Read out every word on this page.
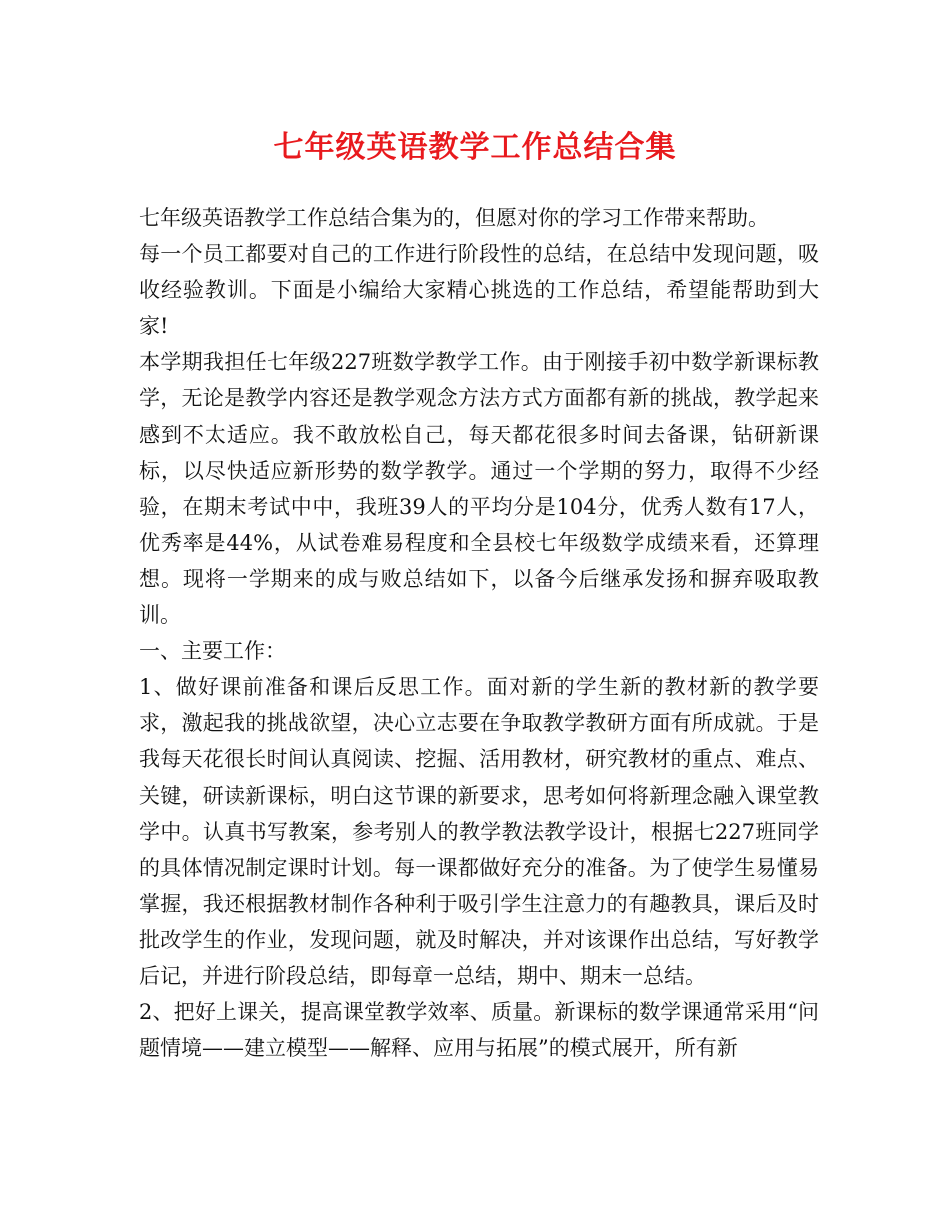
七年级英语教学工作总结合集

七年级英语教学工作总结合集为的，但愿对你的学习工作带来帮助。

每一个员工都要对自己的工作进行阶段性的总结，在总结中发现问题，吸收经验教训。下面是小编给大家精心挑选的工作总结，希望能帮助到大家!

本学期我担任七年级227班数学教学工作。由于刚接手初中数学新课标教学，无论是教学内容还是教学观念方法方式方面都有新的挑战，教学起来感到不太适应。我不敢放松自己，每天都花很多时间去备课，钻研新课标，以尽快适应新形势的数学教学。通过一个学期的努力，取得不少经验，在期末考试中中，我班39人的平均分是104分，优秀人数有17人，优秀率是44%，从试卷难易程度和全县校七年级数学成绩来看，还算理想。现将一学期来的成与败总结如下，以备今后继承发扬和摒弃吸取教训。

一、主要工作：

1、做好课前准备和课后反思工作。面对新的学生新的教材新的教学要求，激起我的挑战欲望，决心立志要在争取教学教研方面有所成就。于是我每天花很长时间认真阅读、挖掘、活用教材，研究教材的重点、难点、关键，研读新课标，明白这节课的新要求，思考如何将新理念融入课堂教学中。认真书写教案，参考别人的教学教法教学设计，根据七227班同学的具体情况制定课时计划。每一课都做好充分的准备。为了使学生易懂易掌握，我还根据教材制作各种利于吸引学生注意力的有趣教具，课后及时批改学生的作业，发现问题，就及时解决，并对该课作出总结，写好教学后记，并进行阶段总结，即每章一总结，期中、期末一总结。

2、把好上课关，提高课堂教学效率、质量。新课标的数学课通常采用“问题情境——建立模型——解释、应用与拓展”的模式展开，所有新
